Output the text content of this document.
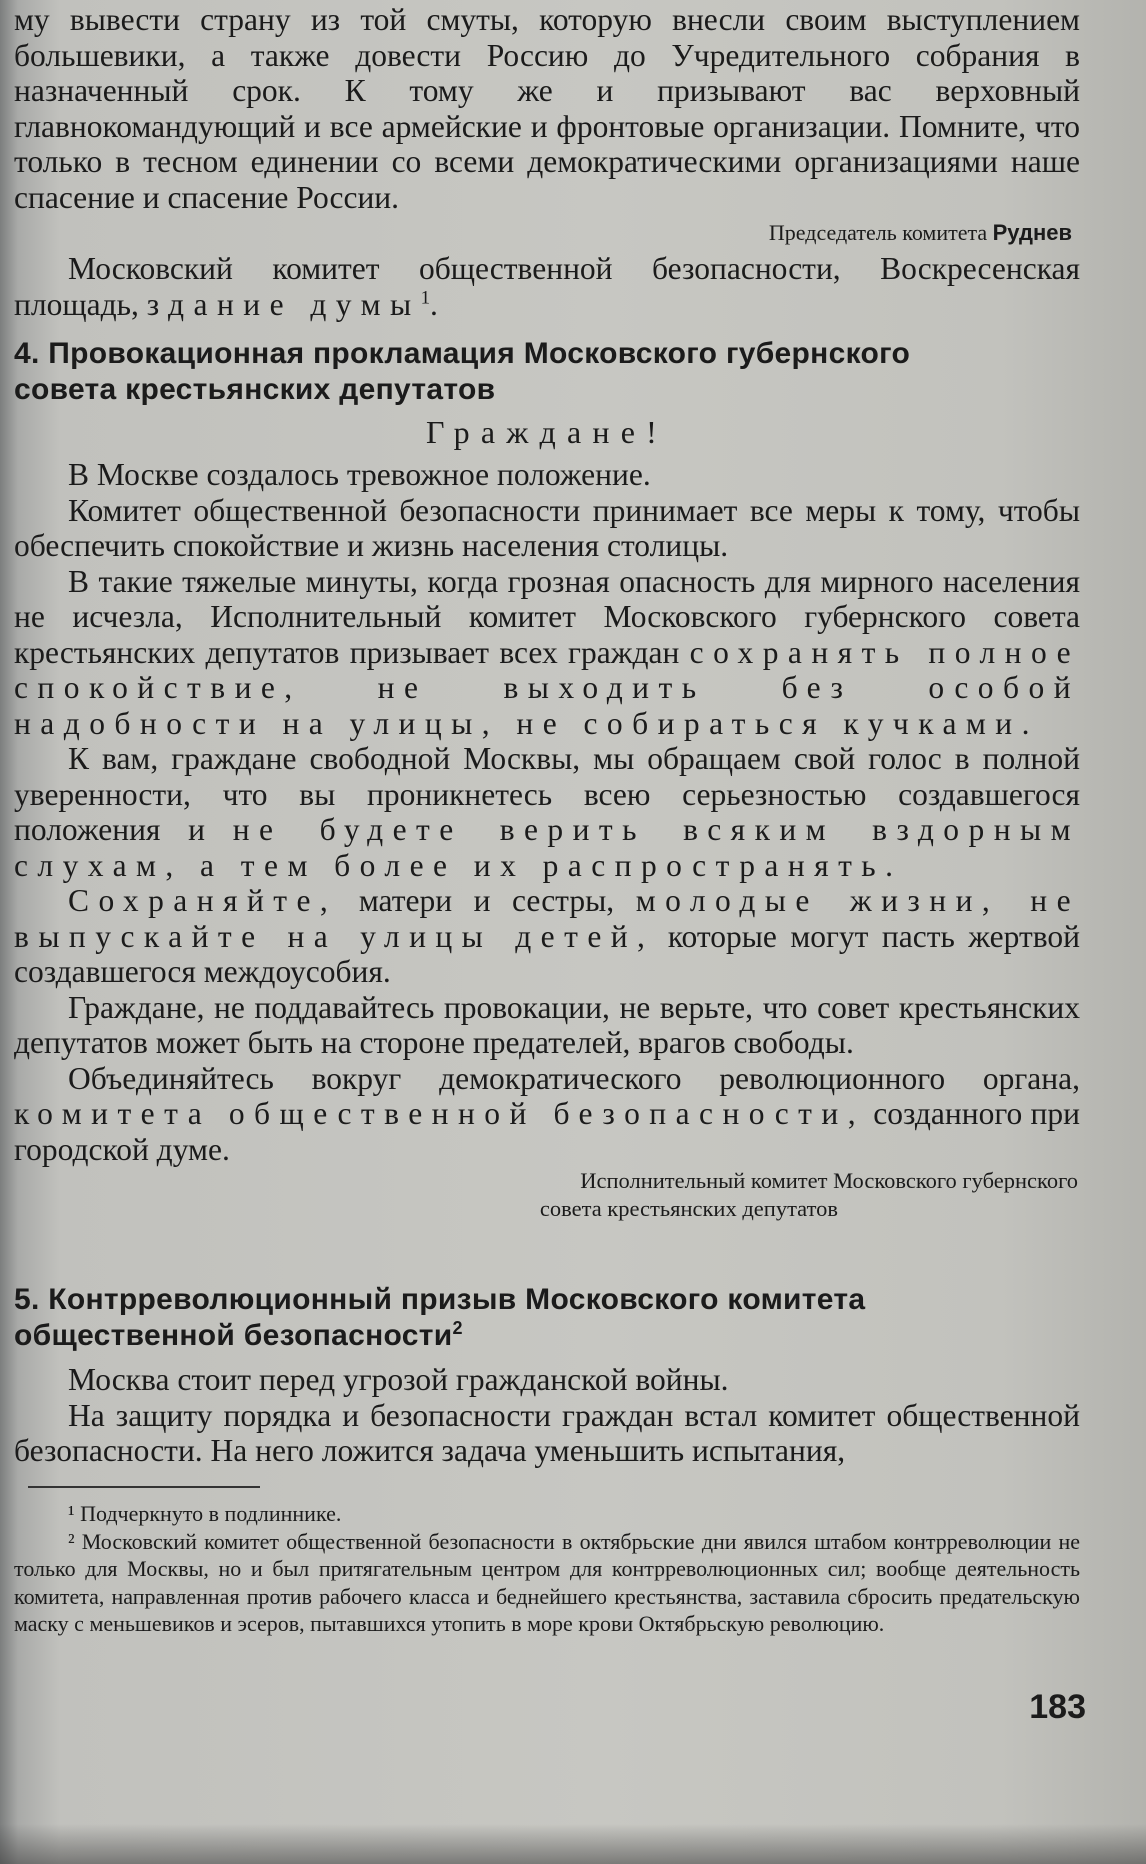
му вывести страну из той смуты, которую внесли своим выступлением большевики, а также довести Россию до Учредительного собрания в назначенный срок. К тому же и призывают вас верховный главнокомандующий и все армейские и фронтовые организации. Помните, что только в тесном единении со всеми демократическими организациями наше спасение и спасение России.

Председатель комитета Руднев

Московский комитет общественной безопасности, Воскресенская площадь, здание думы$^1$.

4. Провокационная прокламация Московского губернского совета крестьянских депутатов
Граждане!

В Москве создалось тревожное положение.

Комитет общественной безопасности принимает все меры к тому, чтобы обеспечить спокойствие и жизнь населения столицы.

В такие тяжелые минуты, когда грозная опасность для мирного населения не исчезла, Исполнительный комитет Московского губернского совета крестьянских депутатов призывает всех граждан сохранять полное спокойствие, не выходить без особой надобности на улицы, не собираться кучками.

К вам, граждане свободной Москвы, мы обращаем свой голос в полной уверенности, что вы проникнетесь всею серьезностью создавшегося положения и не будете верить всяким вздорным слухам, а тем более их распространять.

Сохраняйте, матери и сестры, молодые жизни, не выпускайте на улицы детей, которые могут пасть жертвой создавшегося междоусобия.

Граждане, не поддавайтесь провокации, не верьте, что совет крестьянских депутатов может быть на стороне предателей, врагов свободы.

Объединяйтесь вокруг демократического революционного органа, комитета общественной безопасности, созданного при городской думе.

Исполнительный комитет Московского губернского
совета крестьянских депутатов
5. Контрреволюционный призыв Московского комитета общественной безопасности$^2$

Москва стоит перед угрозой гражданской войны.

На защиту порядка и безопасности граждан встал комитет общественной безопасности. На него ложится задача уменьшить испытания,

¹ Подчеркнуто в подлиннике.

² Московский комитет общественной безопасности в октябрьские дни явился штабом контрреволюции не только для Москвы, но и был притягательным центром для контрреволюционных сил; вообще деятельность комитета, направленная против рабочего класса и беднейшего крестьянства, заставила сбросить предательскую маску с меньшевиков и эсеров, пытавшихся утопить в море крови Октябрьскую революцию.

183
